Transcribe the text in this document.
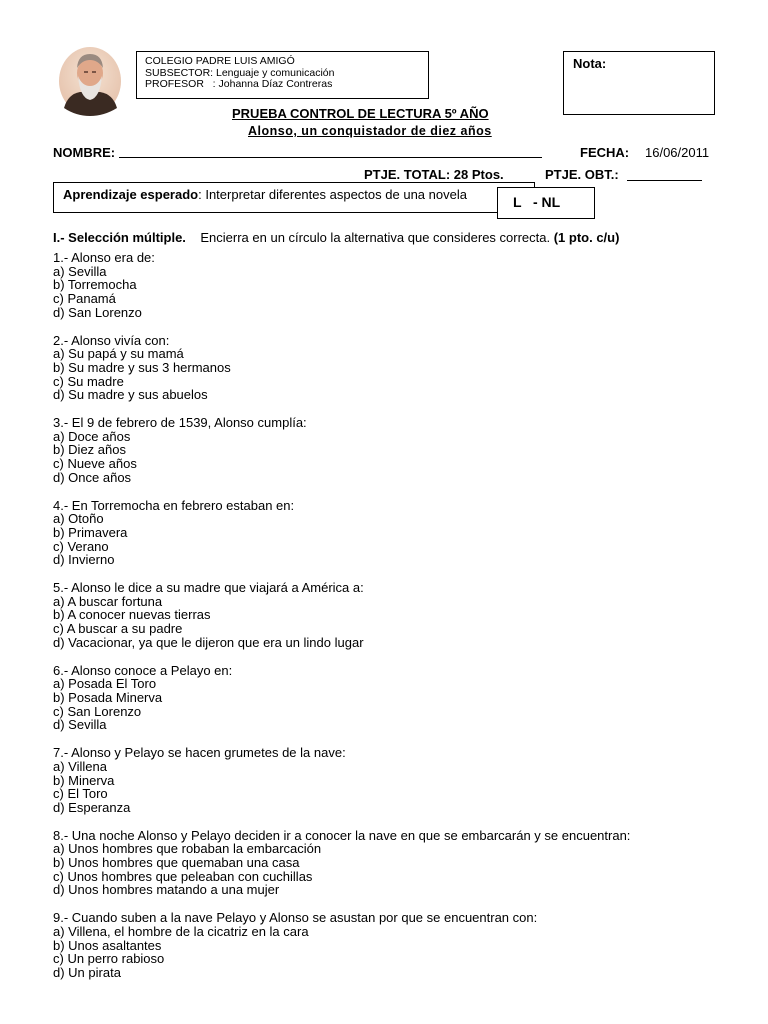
COLEGIO PADRE LUIS AMIGÓ
SUBSECTOR: Lenguaje y comunicación
PROFESOR   : Johanna Díaz Contreras
Nota:
PRUEBA CONTROL DE LECTURA 5º AÑO
Alonso, un conquistador de diez años
NOMBRE:	FECHA: 16/06/2011
PTJE. TOTAL: 28 Ptos.	PTJE. OBT.:
Aprendizaje esperado: Interpretar diferentes aspectos de una novela	L   - NL
I.- Selección múltiple.    Encierra en un círculo la alternativa que consideres correcta. (1 pto. c/u)
1.- Alonso era de:
a) Sevilla
b) Torremocha
c) Panamá
d) San Lorenzo
2.- Alonso vivía con:
a) Su papá y su mamá
b) Su madre y sus 3 hermanos
c) Su madre
d) Su madre y sus abuelos
3.- El 9 de febrero de 1539, Alonso cumplía:
a) Doce años
b) Diez años
c) Nueve años
d) Once años
4.- En Torremocha en febrero estaban en:
a) Otoño
b) Primavera
c) Verano
d) Invierno
5.- Alonso le dice a su madre que viajará a América a:
a) A buscar fortuna
b) A conocer nuevas tierras
c) A buscar a su padre
d) Vacacionar, ya que le dijeron que era un lindo lugar
6.- Alonso conoce a Pelayo en:
a) Posada El Toro
b) Posada Minerva
c) San Lorenzo
d) Sevilla
7.- Alonso y Pelayo se hacen grumetes de la nave:
a) Villena
b) Minerva
c) El Toro
d) Esperanza
8.- Una noche Alonso y Pelayo deciden ir a conocer la nave en que se embarcarán y se encuentran:
a) Unos hombres que robaban la embarcación
b) Unos hombres que quemaban una casa
c) Unos hombres que peleaban con cuchillas
d) Unos hombres matando a una mujer
9.- Cuando suben a la nave Pelayo y Alonso se asustan por que se encuentran con:
a) Villena, el hombre de la cicatriz en la cara
b) Unos asaltantes
c) Un perro rabioso
d) Un pirata
